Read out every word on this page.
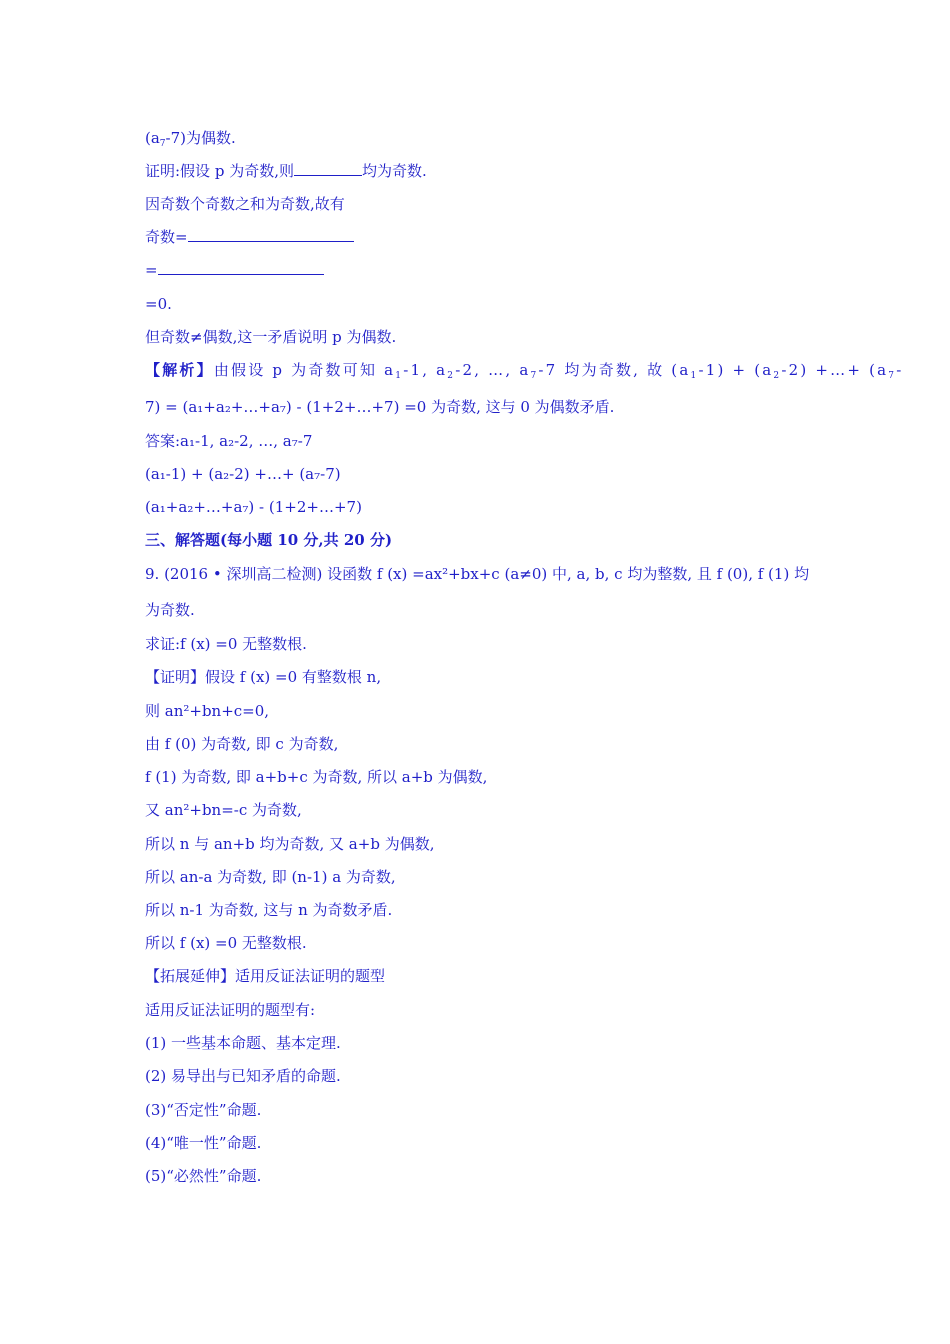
$(a_7-7)$为偶数.
证明:假设 p 为奇数,则	均为奇数.
因奇数个奇数之和为奇数,故有
奇数=
=
=0.
但奇数≠偶数,这一矛盾说明 p 为偶数.
【解析】由假设 p 为奇数可知 $a_1-1$, $a_2-2$, …, $a_7-7$ 均为奇数, 故 $(a_1-1) + (a_2-2)$ +…+ ($a_7-$
7) = (a₁+a₂+…+a₇) - (1+2+…+7) =0 为奇数, 这与 0 为偶数矛盾.
答案:a₁-1, a₂-2, …, a₇-7
(a₁-1) + (a₂-2) +…+ (a₇-7)
(a₁+a₂+…+a₇) - (1+2+…+7)
三、解答题(每小题 10 分,共 20 分)
9. (2016 • 深圳高二检测) 设函数 f (x) =ax²+bx+c (a≠0) 中, a, b, c 均为整数, 且 f (0), f (1) 均
为奇数.
求证:f (x) =0 无整数根.
【证明】假设 f (x) =0 有整数根 n,
则 an²+bn+c=0,
由 f (0) 为奇数, 即 c 为奇数,
f (1) 为奇数, 即 a+b+c 为奇数, 所以 a+b 为偶数,
又 an²+bn=-c 为奇数,
所以 n 与 an+b 均为奇数, 又 a+b 为偶数,
所以 an-a 为奇数, 即 (n-1) a 为奇数,
所以 n-1 为奇数, 这与 n 为奇数矛盾.
所以 f (x) =0 无整数根.
【拓展延伸】适用反证法证明的题型
适用反证法证明的题型有:
(1) 一些基本命题、基本定理.
(2) 易导出与已知矛盾的命题.
(3)“否定性”命题.
(4)“唯一性”命题.
(5)“必然性”命题.
